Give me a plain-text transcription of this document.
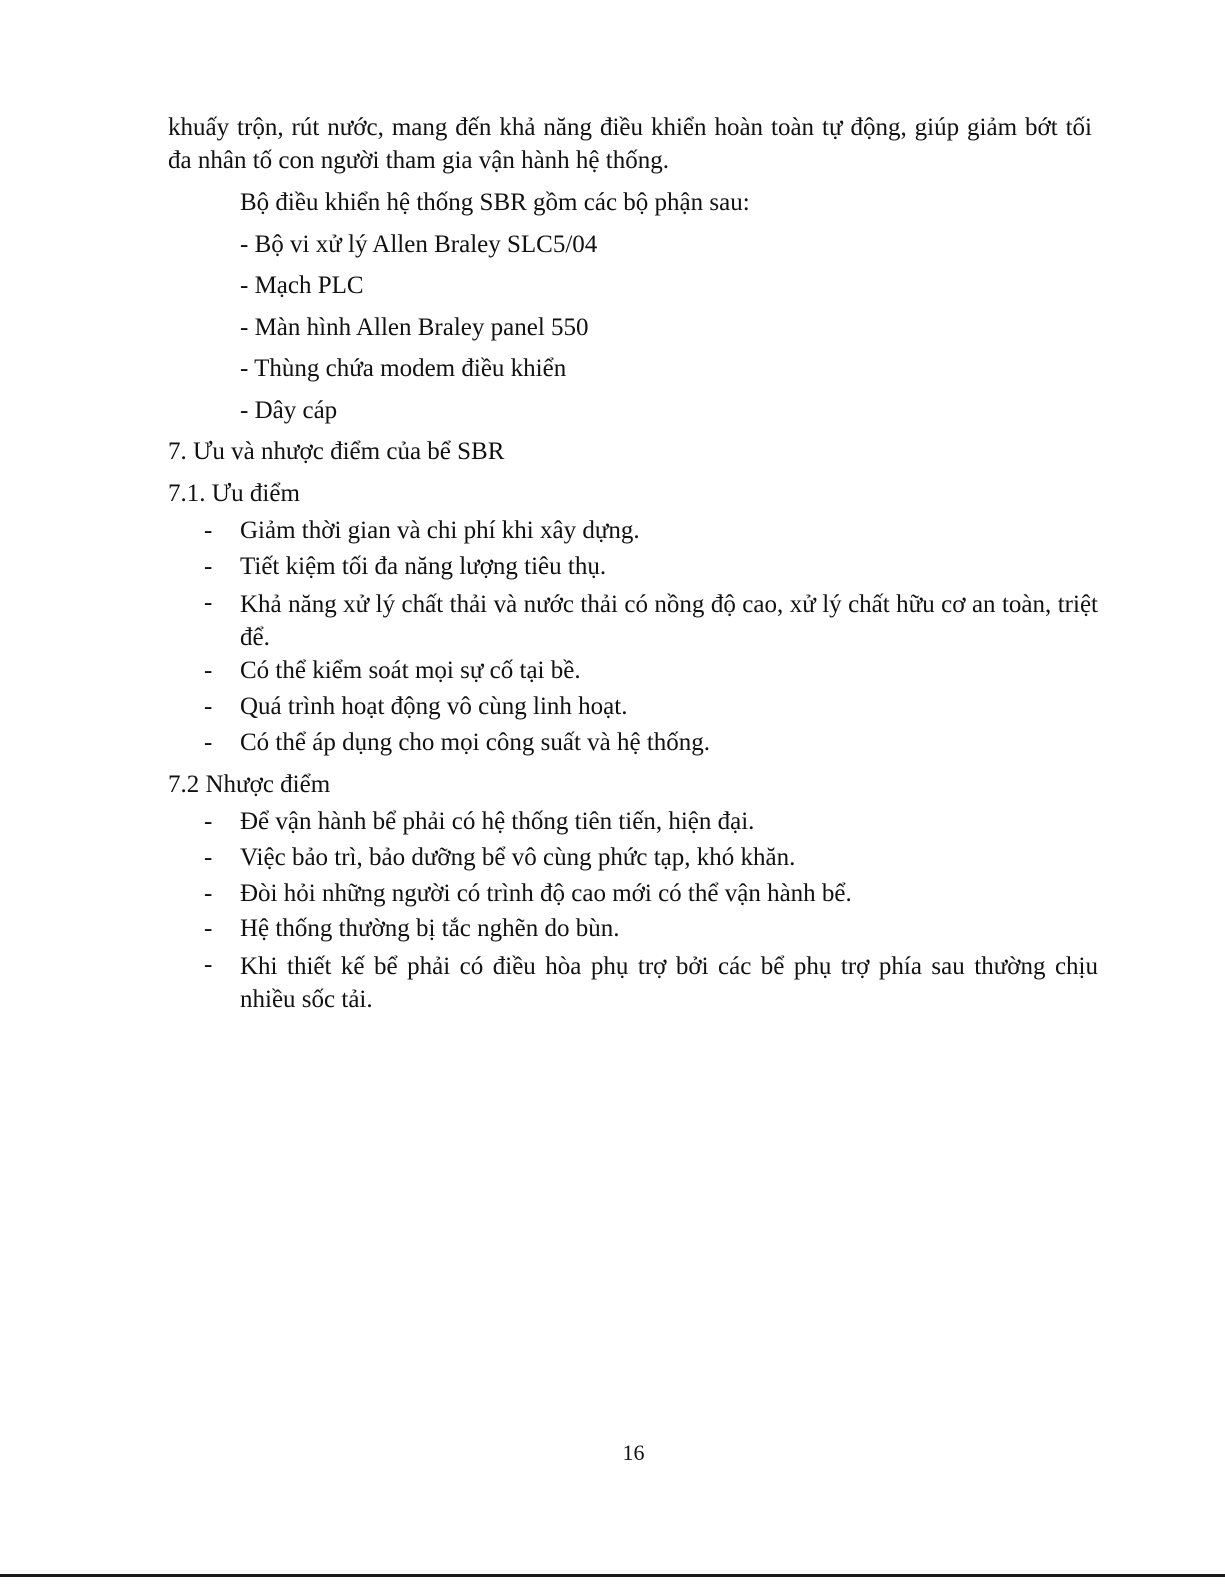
khuấy trộn, rút nước, mang đến khả năng điều khiển hoàn toàn tự động, giúp giảm bớt tối
đa nhân tố con người tham gia vận hành hệ thống.
Bộ điều khiển hệ thống SBR gồm các bộ phận sau:
- Bộ vi xử lý Allen Braley SLC5/04
- Mạch PLC
- Màn hình Allen Braley panel 550
- Thùng chứa modem điều khiển
- Dây cáp
7. Ưu và nhược điểm của bể SBR
7.1. Ưu điểm
- Giảm thời gian và chi phí khi xây dựng.
- Tiết kiệm tối đa năng lượng tiêu thụ.
- Khả năng xử lý chất thải và nước thải có nồng độ cao, xử lý chất hữu cơ an toàn, triệt để.
- Có thể kiểm soát mọi sự cố tại bề.
- Quá trình hoạt động vô cùng linh hoạt.
- Có thể áp dụng cho mọi công suất và hệ thống.
7.2 Nhược điểm
- Để vận hành bể phải có hệ thống tiên tiến, hiện đại.
- Việc bảo trì, bảo dưỡng bể vô cùng phức tạp, khó khăn.
- Đòi hỏi những người có trình độ cao mới có thể vận hành bể.
- Hệ thống thường bị tắc nghẽn do bùn.
- Khi thiết kế bể phải có điều hòa phụ trợ bởi các bể phụ trợ phía sau thường chịu nhiều sốc tải.
16
